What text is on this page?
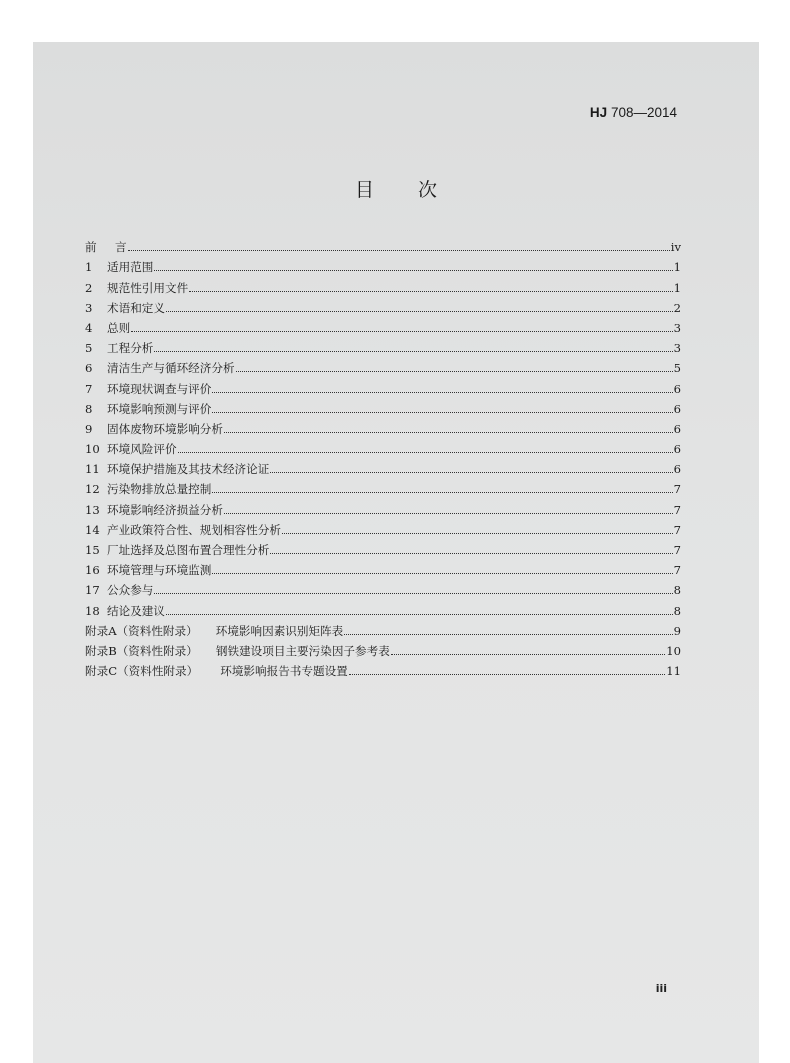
HJ 708—2014
目次
前	言	iv
1	适用范围	1
2	规范性引用文件	1
3	术语和定义	2
4	总则	3
5	工程分析	3
6	清洁生产与循环经济分析	5
7	环境现状调查与评价	6
8	环境影响预测与评价	6
9	固体废物环境影响分析	6
10 环境风险评价	6
11 环境保护措施及其技术经济论证	6
12 污染物排放总量控制	7
13 环境影响经济损益分析	7
14 产业政策符合性、规划相容性分析	7
15 厂址选择及总图布置合理性分析	7
16 环境管理与环境监测	7
17 公众参与	8
18 结论及建议	8
附录A（资料性附录） 环境影响因素识别矩阵表	9
附录B（资料性附录） 钢铁建设项目主要污染因子参考表	10
附录C（资料性附录） 环境影响报告书专题设置	11
iii
